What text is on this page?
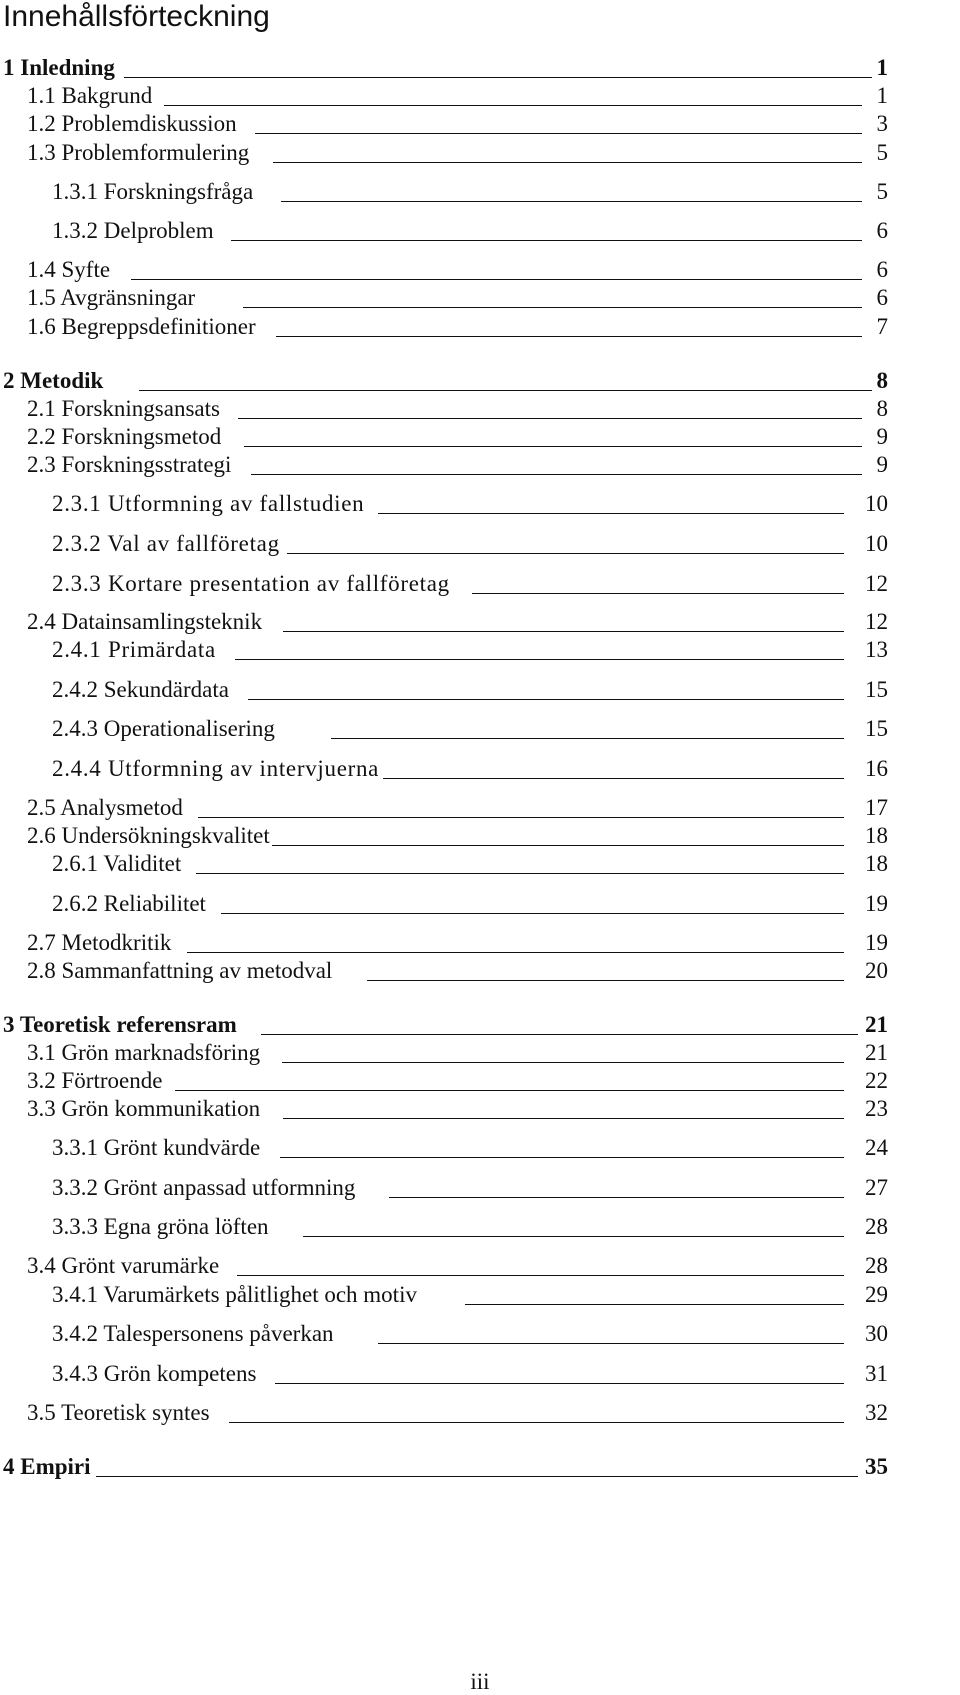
Innehållsförteckning
1 Inledning	1
1.1 Bakgrund	1
1.2 Problemdiskussion	3
1.3 Problemformulering	5
1.3.1 Forskningsfråga	5
1.3.2 Delproblem	6
1.4 Syfte	6
1.5 Avgränsningar	6
1.6 Begreppsdefinitioner	7
2 Metodik	8
2.1 Forskningsansats	8
2.2 Forskningsmetod	9
2.3 Forskningsstrategi	9
2.3.1 Utformning av fallstudien	10
2.3.2 Val av fallföretag	10
2.3.3 Kortare presentation av fallföretag	12
2.4 Datainsamlingsteknik	12
2.4.1 Primärdata	13
2.4.2 Sekundärdata	15
2.4.3 Operationalisering	15
2.4.4 Utformning av intervjuerna	16
2.5 Analysmetod	17
2.6 Undersökningskvalitet	18
2.6.1 Validitet	18
2.6.2 Reliabilitet	19
2.7 Metodkritik	19
2.8 Sammanfattning av metodval	20
3 Teoretisk referensram	21
3.1 Grön marknadsföring	21
3.2 Förtroende	22
3.3 Grön kommunikation	23
3.3.1 Grönt kundvärde	24
3.3.2 Grönt anpassad utformning	27
3.3.3 Egna gröna löften	28
3.4 Grönt varumärke	28
3.4.1 Varumärkets pålitlighet och motiv	29
3.4.2 Talespersonens påverkan	30
3.4.3 Grön kompetens	31
3.5 Teoretisk syntes	32
4 Empiri	35
iii
